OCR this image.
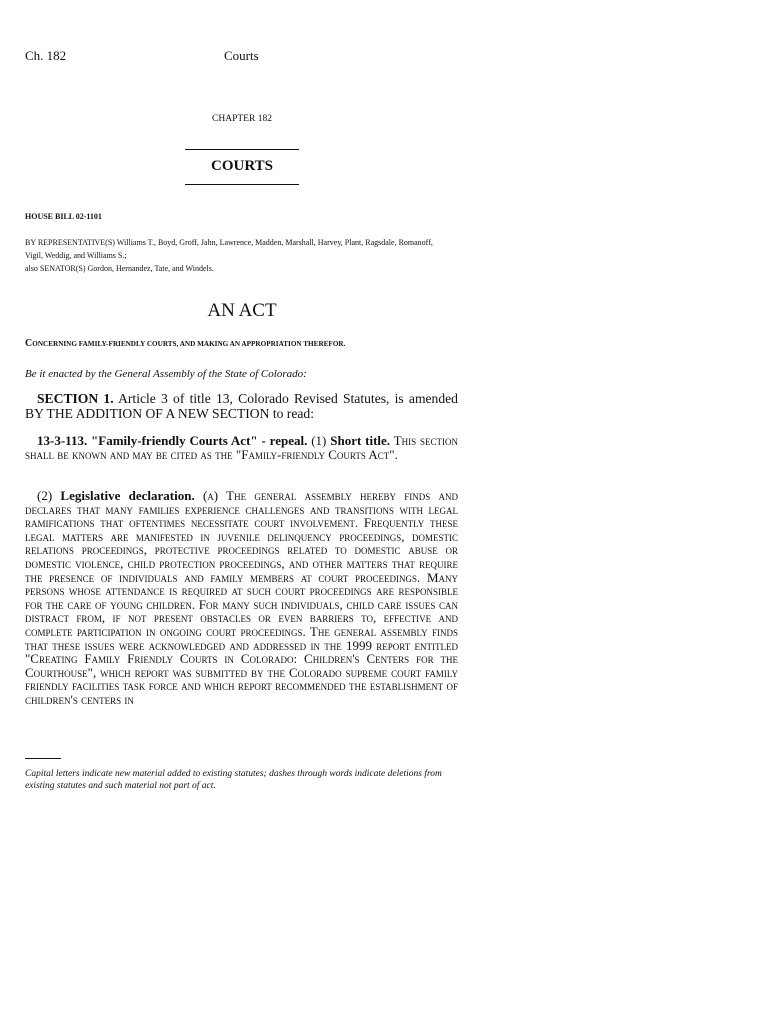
Ch. 182	Courts
CHAPTER 182
COURTS
HOUSE BILL 02-1101
BY REPRESENTATIVE(S) Williams T., Boyd, Groff, Jahn, Lawrence, Madden, Marshall, Harvey, Plant, Ragsdale, Romanoff,
Vigil, Weddig, and Williams S.;
also SENATOR(S) Gordon, Hernandez, Tate, and Windels.
AN ACT
CONCERNING FAMILY-FRIENDLY COURTS, AND MAKING AN APPROPRIATION THEREFOR.
Be it enacted by the General Assembly of the State of Colorado:
SECTION 1. Article 3 of title 13, Colorado Revised Statutes, is amended BY THE ADDITION OF A NEW SECTION to read:
13-3-113. "Family-friendly Courts Act" - repeal. (1) Short title. This section shall be known and may be cited as the "Family-friendly Courts Act".
(2) Legislative declaration. (a) The general assembly hereby finds and declares that many families experience challenges and transitions with legal ramifications that oftentimes necessitate court involvement. Frequently these legal matters are manifested in juvenile delinquency proceedings, domestic relations proceedings, protective proceedings related to domestic abuse or domestic violence, child protection proceedings, and other matters that require the presence of individuals and family members at court proceedings. Many persons whose attendance is required at such court proceedings are responsible for the care of young children. For many such individuals, child care issues can distract from, if not present obstacles or even barriers to, effective and complete participation in ongoing court proceedings. The general assembly finds that these issues were acknowledged and addressed in the 1999 report entitled "Creating Family Friendly Courts in Colorado: Children's Centers for the Courthouse", which report was submitted by the Colorado supreme court family friendly facilities task force and which report recommended the establishment of children's centers in
Capital letters indicate new material added to existing statutes; dashes through words indicate deletions from existing statutes and such material not part of act.
